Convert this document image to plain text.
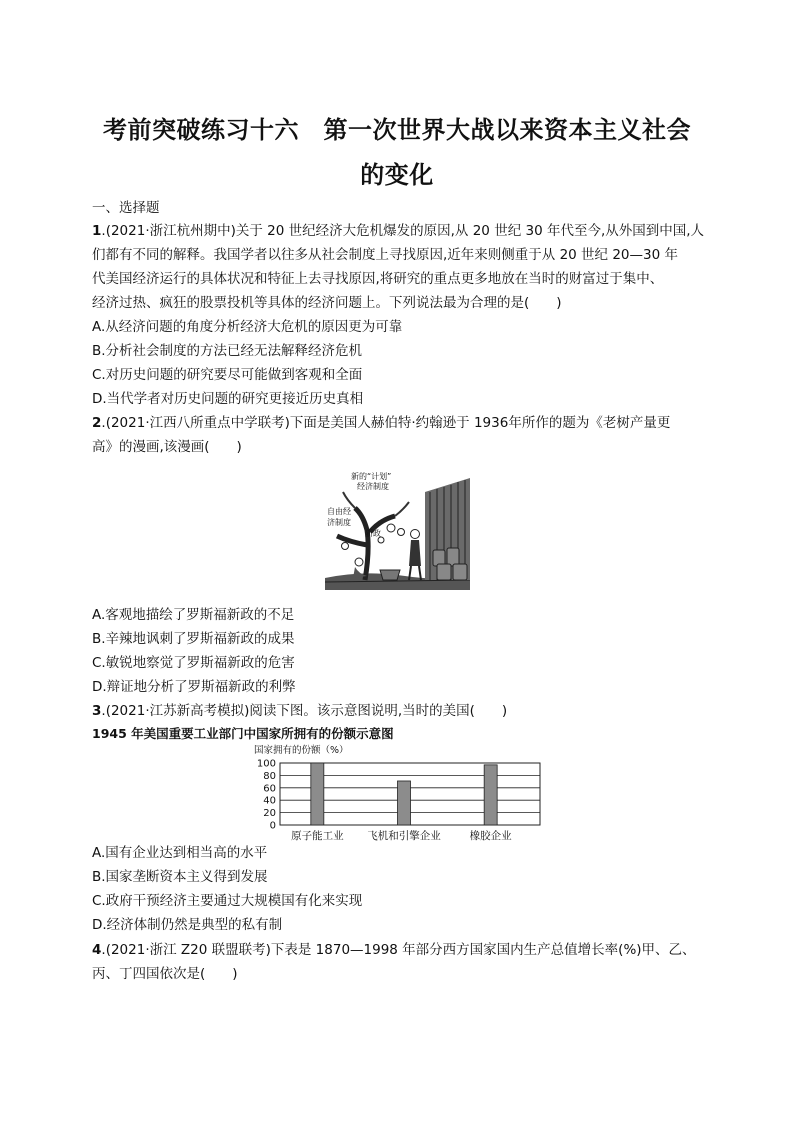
考前突破练习十六　第一次世界大战以来资本主义社会
的变化
一、选择题
1.(2021·浙江杭州期中)关于 20 世纪经济大危机爆发的原因,从 20 世纪 30 年代至今,从外国到中国,人
们都有不同的解释。我国学者以往多从社会制度上寻找原因,近年来则侧重于从 20 世纪 20—30 年
代美国经济运行的具体状况和特征上去寻找原因,将研究的重点更多地放在当时的财富过于集中、
经济过热、疯狂的股票投机等具体的经济问题上。下列说法最为合理的是(　　)
A.从经济问题的角度分析经济大危机的原因更为可靠
B.分析社会制度的方法已经无法解释经济危机
C.对历史问题的研究要尽可能做到客观和全面
D.当代学者对历史问题的研究更接近历史真相
2.(2021·江西八所重点中学联考)下面是美国人赫伯特·约翰逊于 1936年所作的题为《老树产量更
高》的漫画,该漫画(　　)
新的“计划”
经济制度
自由经
济制度
新政
A.客观地描绘了罗斯福新政的不足
B.辛辣地讽刺了罗斯福新政的成果
C.敏锐地察觉了罗斯福新政的危害
D.辩证地分析了罗斯福新政的利弊
3.(2021·江苏新高考模拟)阅读下图。该示意图说明,当时的美国(　　)
1945 年美国重要工业部门中国家所拥有的份额示意图
国家拥有的份额（%）
0
20
40
60
80
100
原子能工业 飞机和引擎企业	橡胶企业
A.国有企业达到相当高的水平
B.国家垄断资本主义得到发展
C.政府干预经济主要通过大规模国有化来实现
D.经济体制仍然是典型的私有制
4.(2021·浙江 Z20 联盟联考)下表是 1870—1998 年部分西方国家国内生产总值增长率(%)甲、乙、
丙、丁四国依次是(　　)
